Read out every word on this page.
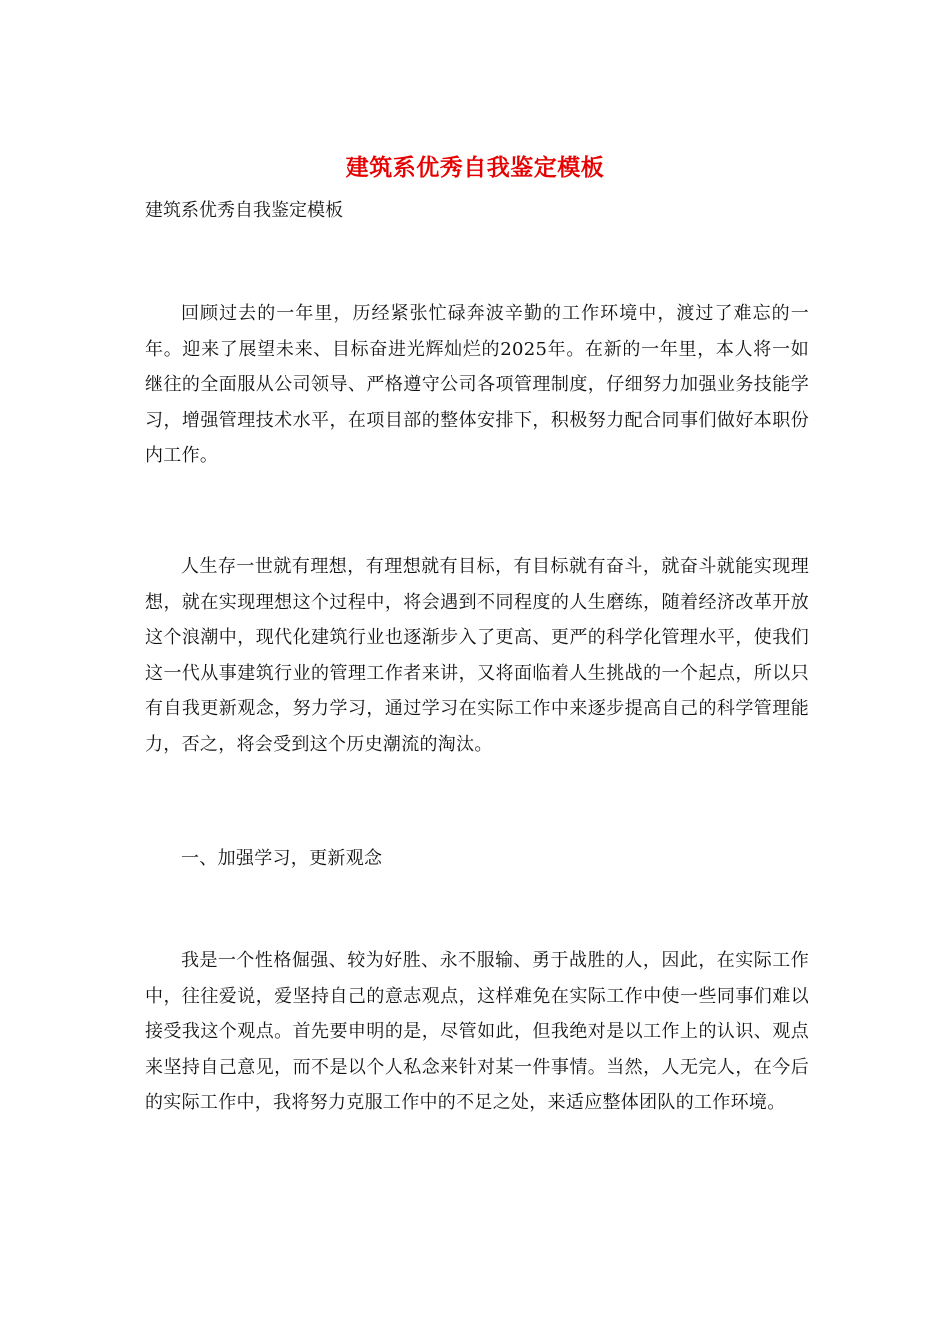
建筑系优秀自我鉴定模板
建筑系优秀自我鉴定模板

回顾过去的一年里，历经紧张忙碌奔波辛勤的工作环境中，渡过了难忘的一年。迎来了展望未来、目标奋进光辉灿烂的2025年。在新的一年里，本人将一如继往的全面服从公司领导、严格遵守公司各项管理制度，仔细努力加强业务技能学习，增强管理技术水平，在项目部的整体安排下，积极努力配合同事们做好本职份内工作。

人生存一世就有理想，有理想就有目标，有目标就有奋斗，就奋斗就能实现理想，就在实现理想这个过程中，将会遇到不同程度的人生磨练，随着经济改革开放这个浪潮中，现代化建筑行业也逐渐步入了更高、更严的科学化管理水平，使我们这一代从事建筑行业的管理工作者来讲，又将面临着人生挑战的一个起点，所以只有自我更新观念，努力学习，通过学习在实际工作中来逐步提高自己的科学管理能力，否之，将会受到这个历史潮流的淘汰。

一、加强学习，更新观念

我是一个性格倔强、较为好胜、永不服输、勇于战胜的人，因此，在实际工作中，往往爱说，爱坚持自己的意志观点，这样难免在实际工作中使一些同事们难以接受我这个观点。首先要申明的是，尽管如此，但我绝对是以工作上的认识、观点来坚持自己意见，而不是以个人私念来针对某一件事情。当然，人无完人，在今后的实际工作中，我将努力克服工作中的不足之处，来适应整体团队的工作环境。
